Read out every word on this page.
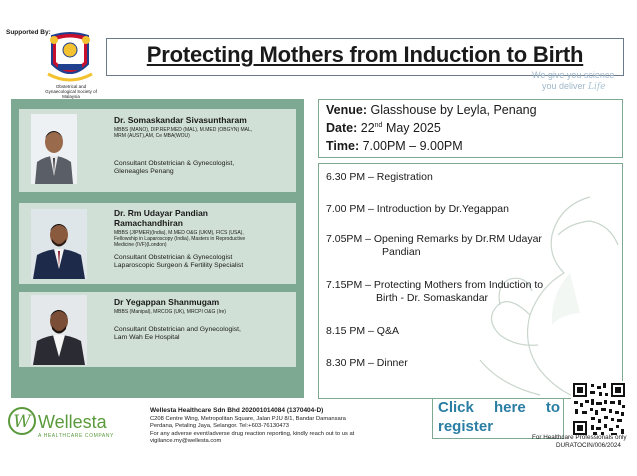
Supported By:
Obstetrical and Gynaecological Society of Malaysia
Protecting Mothers from Induction to Birth
We give you science
you deliver Life
Dr. Somaskandar Sivasuntharam
MBBS (MANO), DIP.REP.MED (MAL), M.MED (OBGYN) MAL,
MRM (AUST),AM, Ce MBA(WOU)
Consultant Obstetrician & Gynecologist,
Gleneagles Penang
Dr. Rm Udayar Pandian
Ramachandhiran
MBBS (JIPMER)(India), M.MED O&G (UKM), FICS (USA),
Fellowship in Laparoscopy (India), Masters in Reproductive
Medicine (IVF)(London)
Consultant Obstetrician & Gynecologist
Laparoscopic Surgeon & Fertility Specialist
Dr Yegappan Shanmugam
MBBS (Manipal), MRCOG (UK), MRCPI O&G (Ire)
Consultant Obstetrician and Gynecologist,
Lam Wah Ee Hospital
Venue: Glasshouse by Leyla, Penang
Date: 22nd May 2025
Time: 7.00PM – 9.00PM
6.30 PM – Registration
7.00 PM – Introduction by Dr.Yegappan
7.05PM – Opening Remarks by Dr.RM Udayar
Pandian
7.15PM – Protecting Mothers from Induction to
Birth - Dr. Somaskandar
8.15 PM – Q&A
8.30 PM – Dinner
W Wellesta
A HEALTHCARE COMPANY
Wellesta Healthcare Sdn Bhd 202001014084 (1370404-D)
C208 Centre Wing, Metropolitan Square, Jalan PJU 8/1, Bandar Damansara
Perdana, Petaling Jaya, Selangor. Tel:+603-76130473
For any adverse event/adverse drug reaction reporting, kindly reach out to us at
vigilance.my@wellesta.com
Click here to register
For Healthcare Professionals only
DURATOCIN/006/2024
